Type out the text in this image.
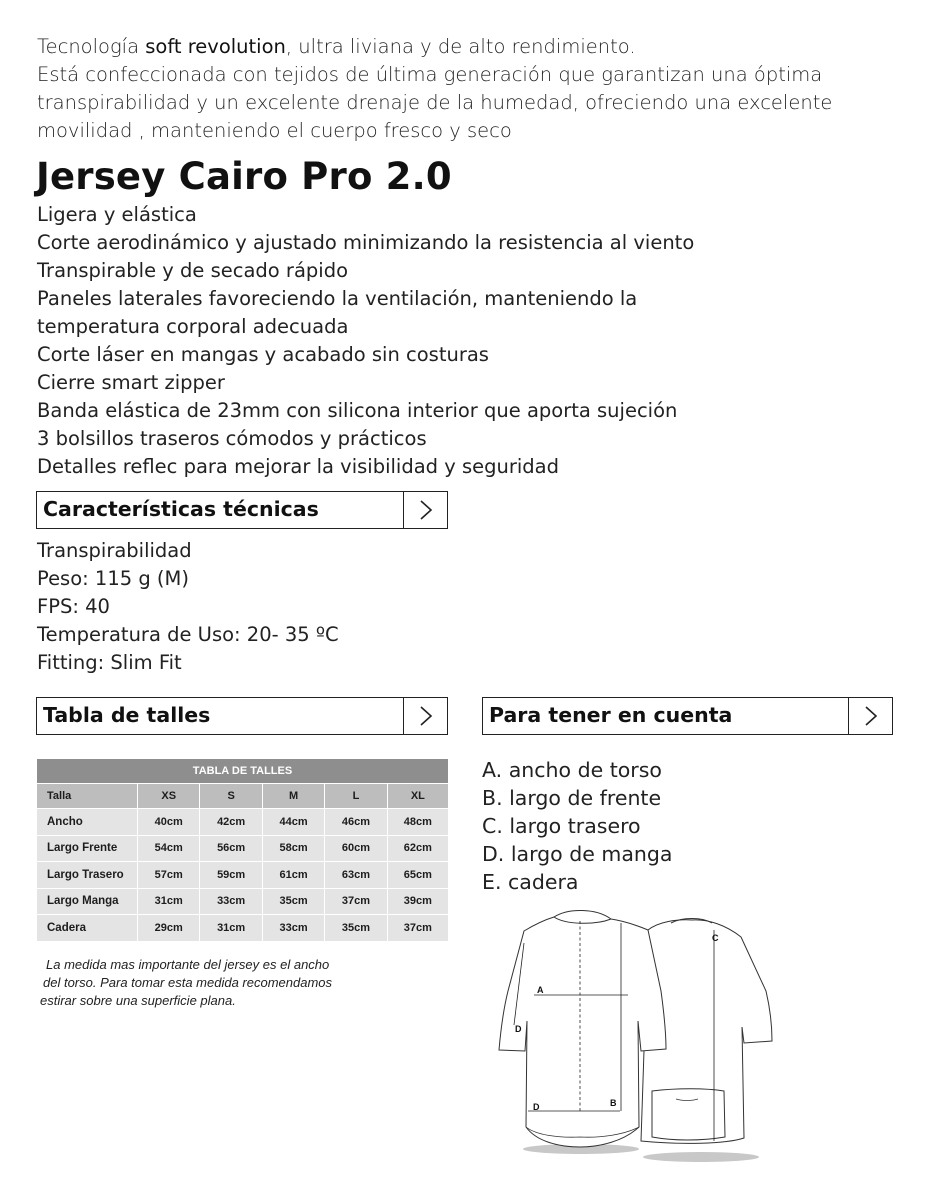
Tecnología soft revolution, ultra liviana y de alto rendimiento.
Está confeccionada con tejidos de última generación que garantizan una óptima
transpirabilidad y un excelente drenaje de la humedad, ofreciendo una excelente
movilidad , manteniendo el cuerpo fresco y seco
Jersey Cairo Pro 2.0
Ligera y elástica
Corte aerodinámico y ajustado minimizando la resistencia al viento
Transpirable y de secado rápido
Paneles laterales favoreciendo la ventilación, manteniendo la
temperatura corporal adecuada
Corte láser en mangas y acabado sin costuras
Cierre smart zipper
Banda elástica de 23mm con silicona interior que aporta sujeción
3 bolsillos traseros cómodos y prácticos
Detalles reflec para mejorar la visibilidad y seguridad
Características técnicas
Transpirabilidad
Peso: 115 g (M)
FPS: 40
Temperatura de Uso: 20- 35 ºC
Fitting: Slim Fit
Tabla de talles	Para tener en cuenta
TABLA DE TALLES					
Talla	XS	S	M	L	XL
Ancho	40cm	42cm	44cm	46cm	48cm
Largo Frente	54cm	56cm	58cm	60cm	62cm
Largo Trasero	57cm	59cm	61cm	63cm	65cm
Largo Manga	31cm	33cm	35cm	37cm	39cm
Cadera	29cm	31cm	33cm	35cm	37cm
La medida mas importante del jersey es el ancho
del torso. Para tomar esta medida recomendamos
estirar sobre una superficie plana.
A. ancho de torso
B. largo de frente
C. largo trasero
D. largo de manga
E. cadera
A
B
C
D
D
